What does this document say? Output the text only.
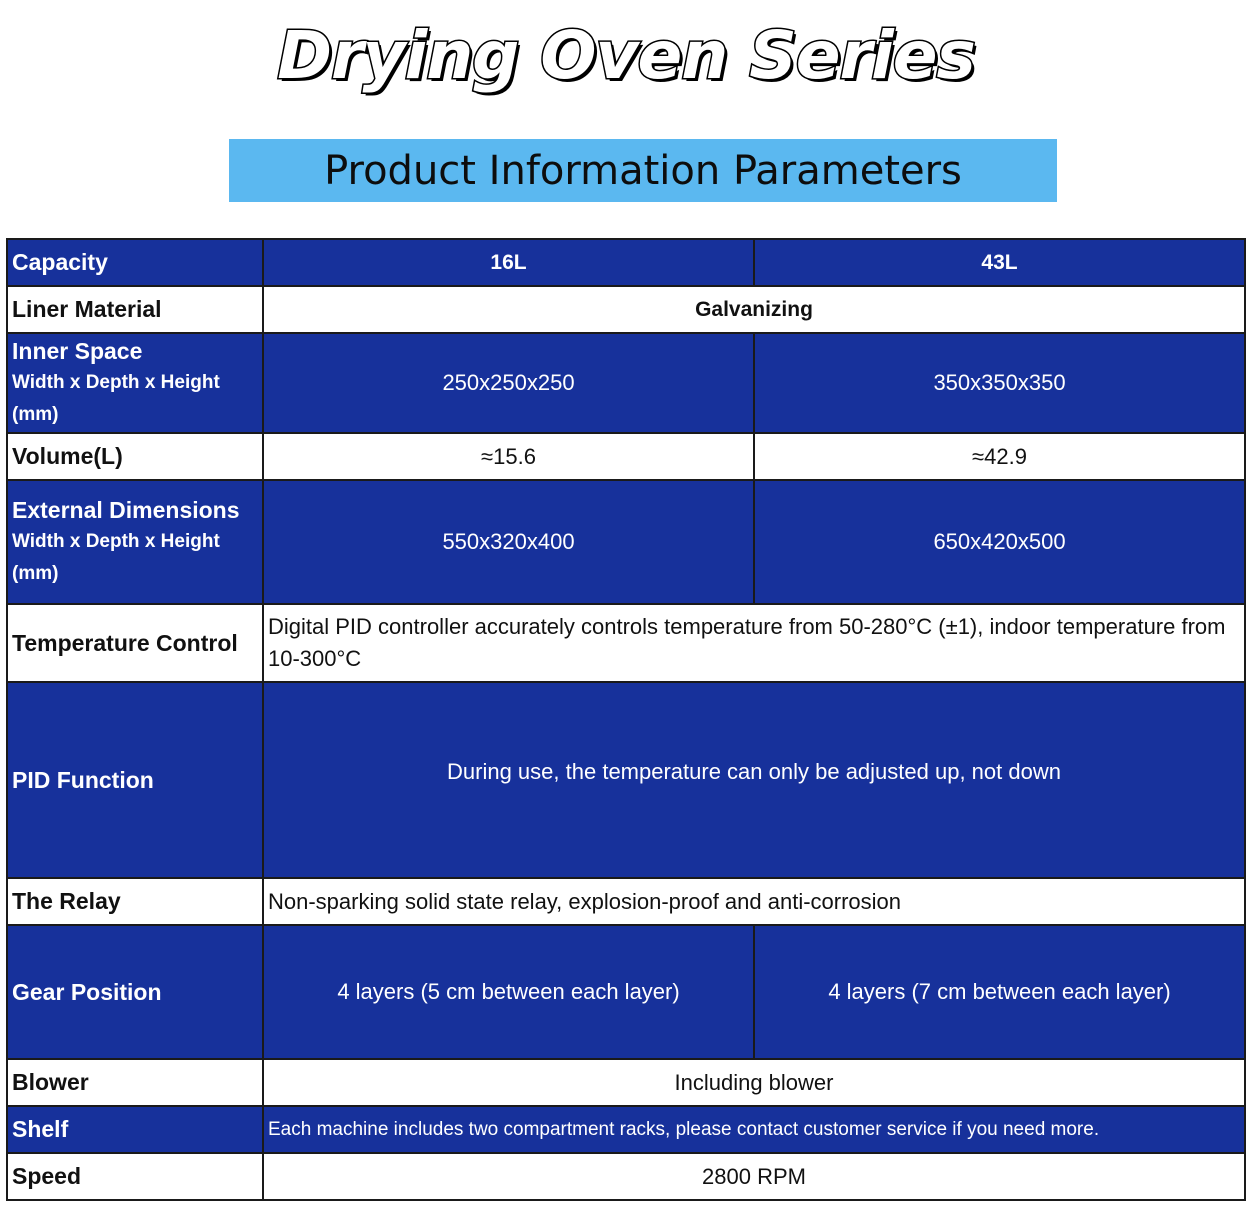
Drying Oven Series
Product Information Parameters
Capacity	16L	43L
Liner Material	Galvanizing	

Inner Space
Width x Depth x Height
(mm)	250x250x250	350x350x350
Volume(L)	≈15.6	≈42.9

External Dimensions
Width x Depth x Height
(mm)	550x320x400	650x420x500
Temperature Control	Digital PID controller accurately controls temperature from 50-280°C (±1), indoor temperature from 10-300°C	
PID Function	During use, the temperature can only be adjusted up, not down	
The Relay	Non-sparking solid state relay, explosion-proof and anti-corrosion	
Gear Position	4 layers (5 cm between each layer)	4 layers (7 cm between each layer)
Blower	Including blower	
Shelf	Each machine includes two compartment racks, please contact customer service if you need more.	
Speed	2800 RPM	
